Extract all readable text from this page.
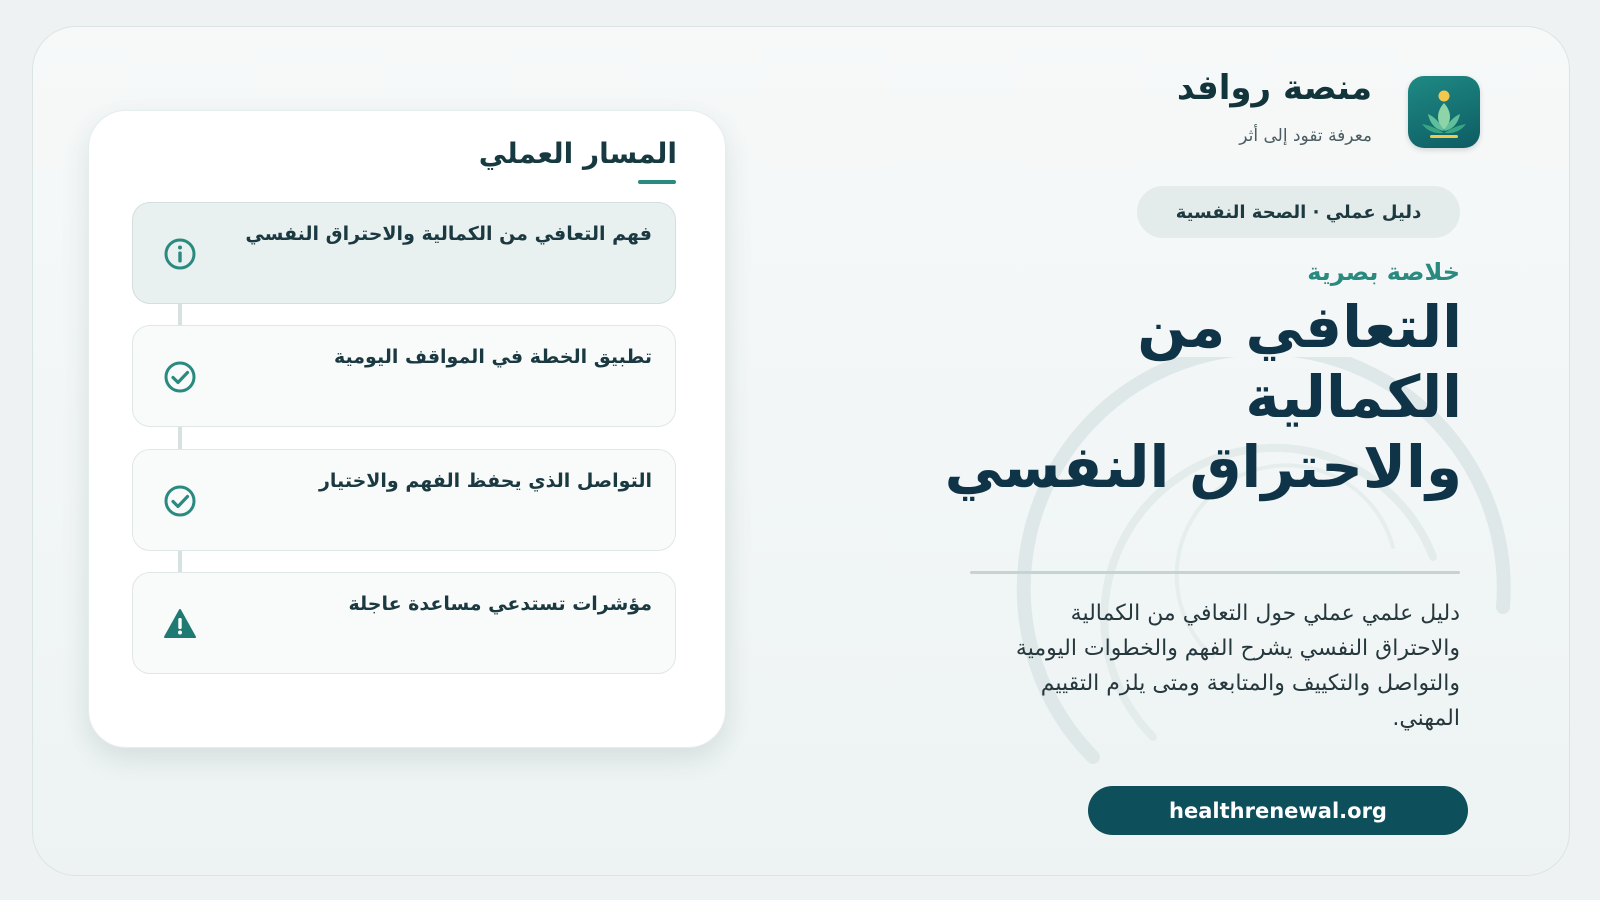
منصة روافد
معرفة تقود إلى أثر
دليل عملي · الصحة النفسية
خلاصة بصرية
التعافي من
الكمالية
والاحتراق النفسي
دليل علمي عملي حول التعافي من الكمالية والاحتراق النفسي يشرح الفهم والخطوات اليومية والتواصل والتكييف والمتابعة ومتى يلزم التقييم المهني.
healthrenewal.org
المسار العملي
فهم التعافي من الكمالية والاحتراق النفسي
تطبيق الخطة في المواقف اليومية
التواصل الذي يحفظ الفهم والاختيار
مؤشرات تستدعي مساعدة عاجلة
